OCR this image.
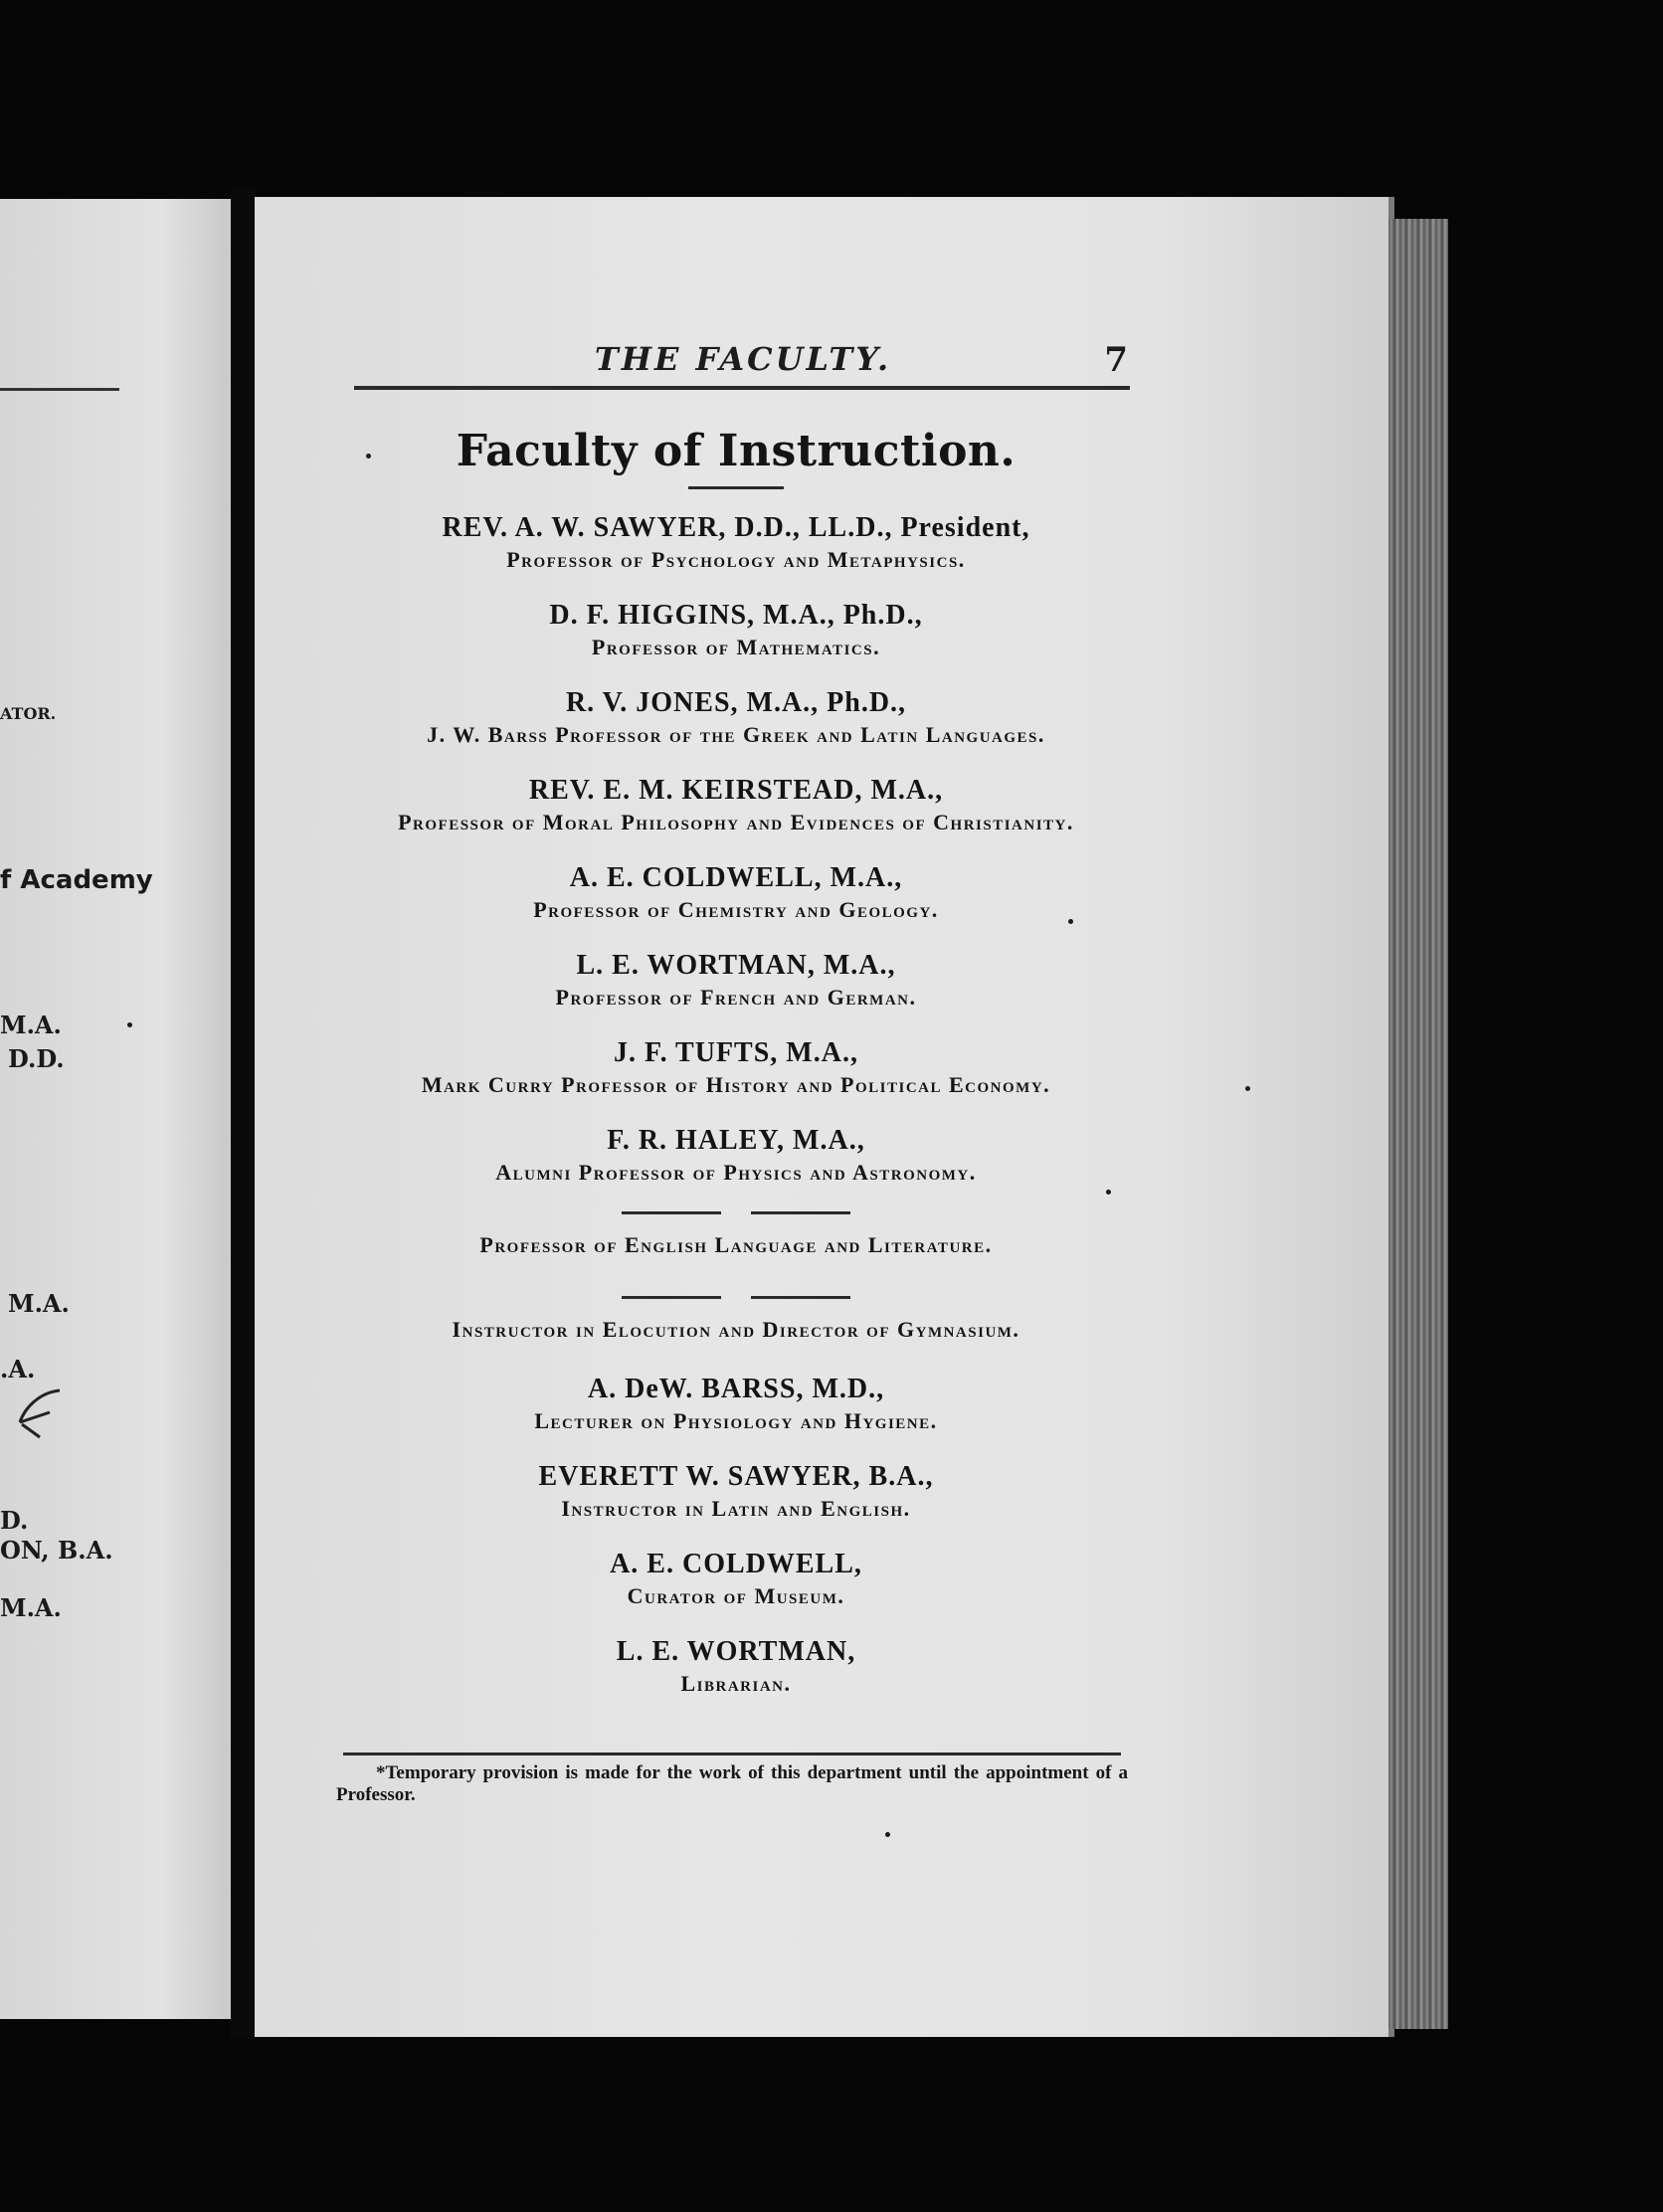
ATOR.
f Academy
M.A.
D.D.
M.A.
.A.
D.
ON, B.A.
M.A.
THE FACULTY.	7
Faculty of Instruction.
REV. A. W. SAWYER, D.D., LL.D., President,
Professor of Psychology and Metaphysics.
D. F. HIGGINS, M.A., Ph.D.,
Professor of Mathematics.
R. V. JONES, M.A., Ph.D.,
J. W. Barss Professor of the Greek and Latin Languages.
REV. E. M. KEIRSTEAD, M.A.,
Professor of Moral Philosophy and Evidences of Christianity.
A. E. COLDWELL, M.A.,
Professor of Chemistry and Geology.
L. E. WORTMAN, M.A.,
Professor of French and German.
J. F. TUFTS, M.A.,
Mark Curry Professor of History and Political Economy.
F. R. HALEY, M.A.,
Alumni Professor of Physics and Astronomy.
Professor of English Language and Literature.
Instructor in Elocution and Director of Gymnasium.
A. DeW. BARSS, M.D.,
Lecturer on Physiology and Hygiene.
EVERETT W. SAWYER, B.A.,
Instructor in Latin and English.
A. E. COLDWELL,
Curator of Museum.
L. E. WORTMAN,
Librarian.
*Temporary provision is made for the work of this department until the appointment of a Professor.
